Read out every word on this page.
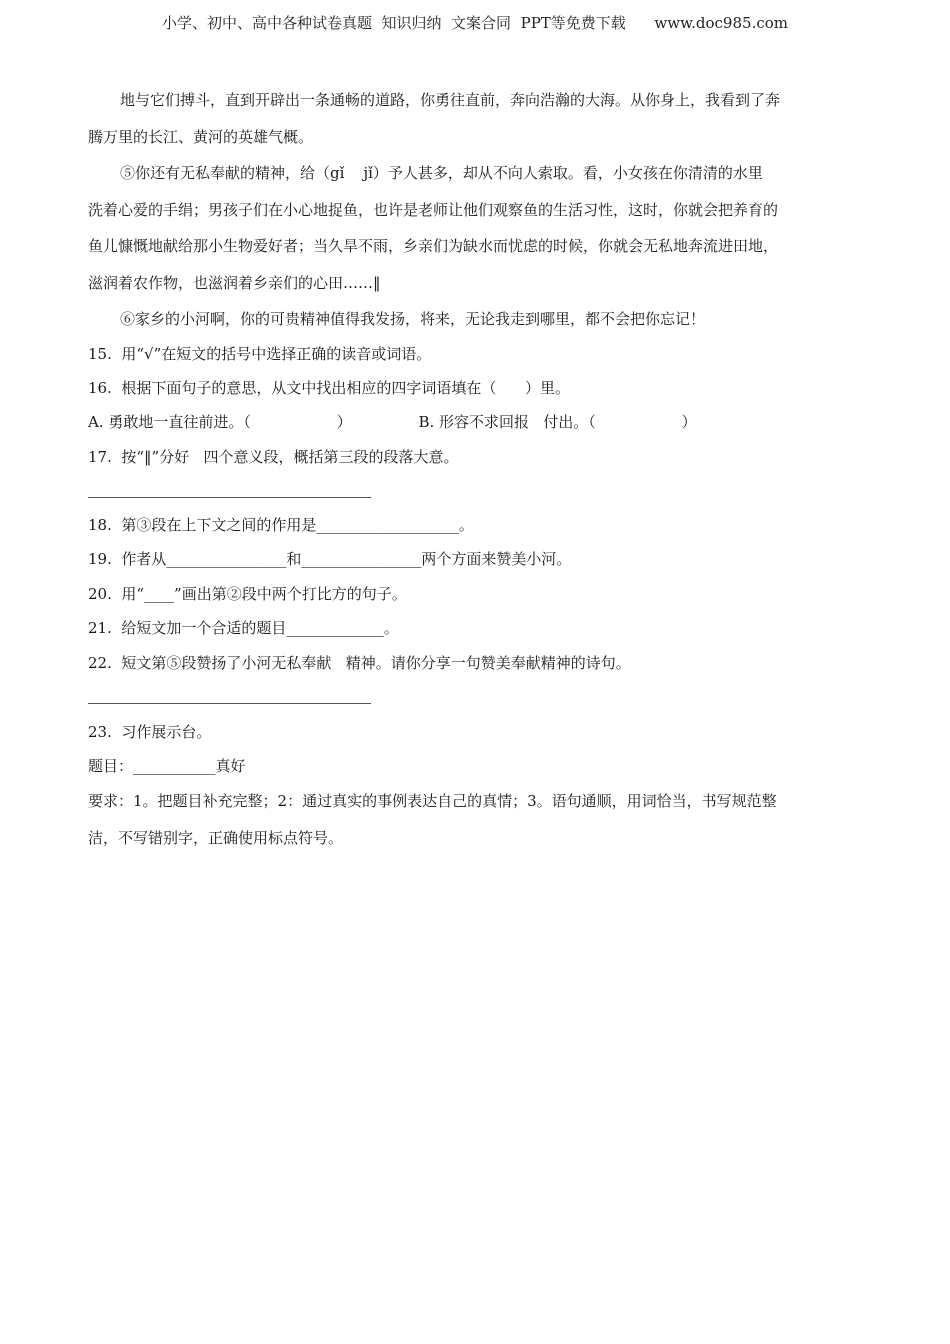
小学、初中、高中各种试卷真题  知识归纳  文案合同  PPT等免费下载      www.doc985.com
地与它们搏斗，直到开辟出一条通畅的道路，你勇往直前，奔向浩瀚的大海。从你身上，我看到了奔
腾万里的长江、黄河的英雄气概。
⑤你还有无私奉献的精神，给（gǐ    jǐ）予人甚多，却从不向人索取。看，小女孩在你清清的水里
洗着心爱的手绢；男孩子们在小心地捉鱼，也许是老师让他们观察鱼的生活习性，这时，你就会把养育的
鱼儿慷慨地献给那小生物爱好者；当久旱不雨，乡亲们为缺水而忧虑的时候，你就会无私地奔流进田地，
滋润着农作物，也滋润着乡亲们的心田……‖
⑥家乡的小河啊，你的可贵精神值得我发扬，将来，无论我走到哪里，都不会把你忘记！
15.  用“√”在短文的括号中选择正确的读音或词语。
16.  根据下面句子的意思，从文中找出相应的四字词语填在（      ）里。
A. 勇敢地一直往前进。（                  ）              B. 形容不求回报   付出。（                  ）
17.  按“‖”分好   四个意义段，概括第三段的段落大意。
18.  第③段在上下文之间的作用是___________________。
19.  作者从________________和________________两个方面来赞美小河。
20.  用“____”画出第②段中两个打比方的句子。
21.  给短文加一个合适的题目_____________。
22.  短文第⑤段赞扬了小河无私奉献   精神。请你分享一句赞美奉献精神的诗句。
23.  习作展示台。
题目：___________真好
要求：1。把题目补充完整；2：通过真实的事例表达自己的真情；3。语句通顺，用词恰当，书写规范整
洁，不写错别字，正确使用标点符号。
